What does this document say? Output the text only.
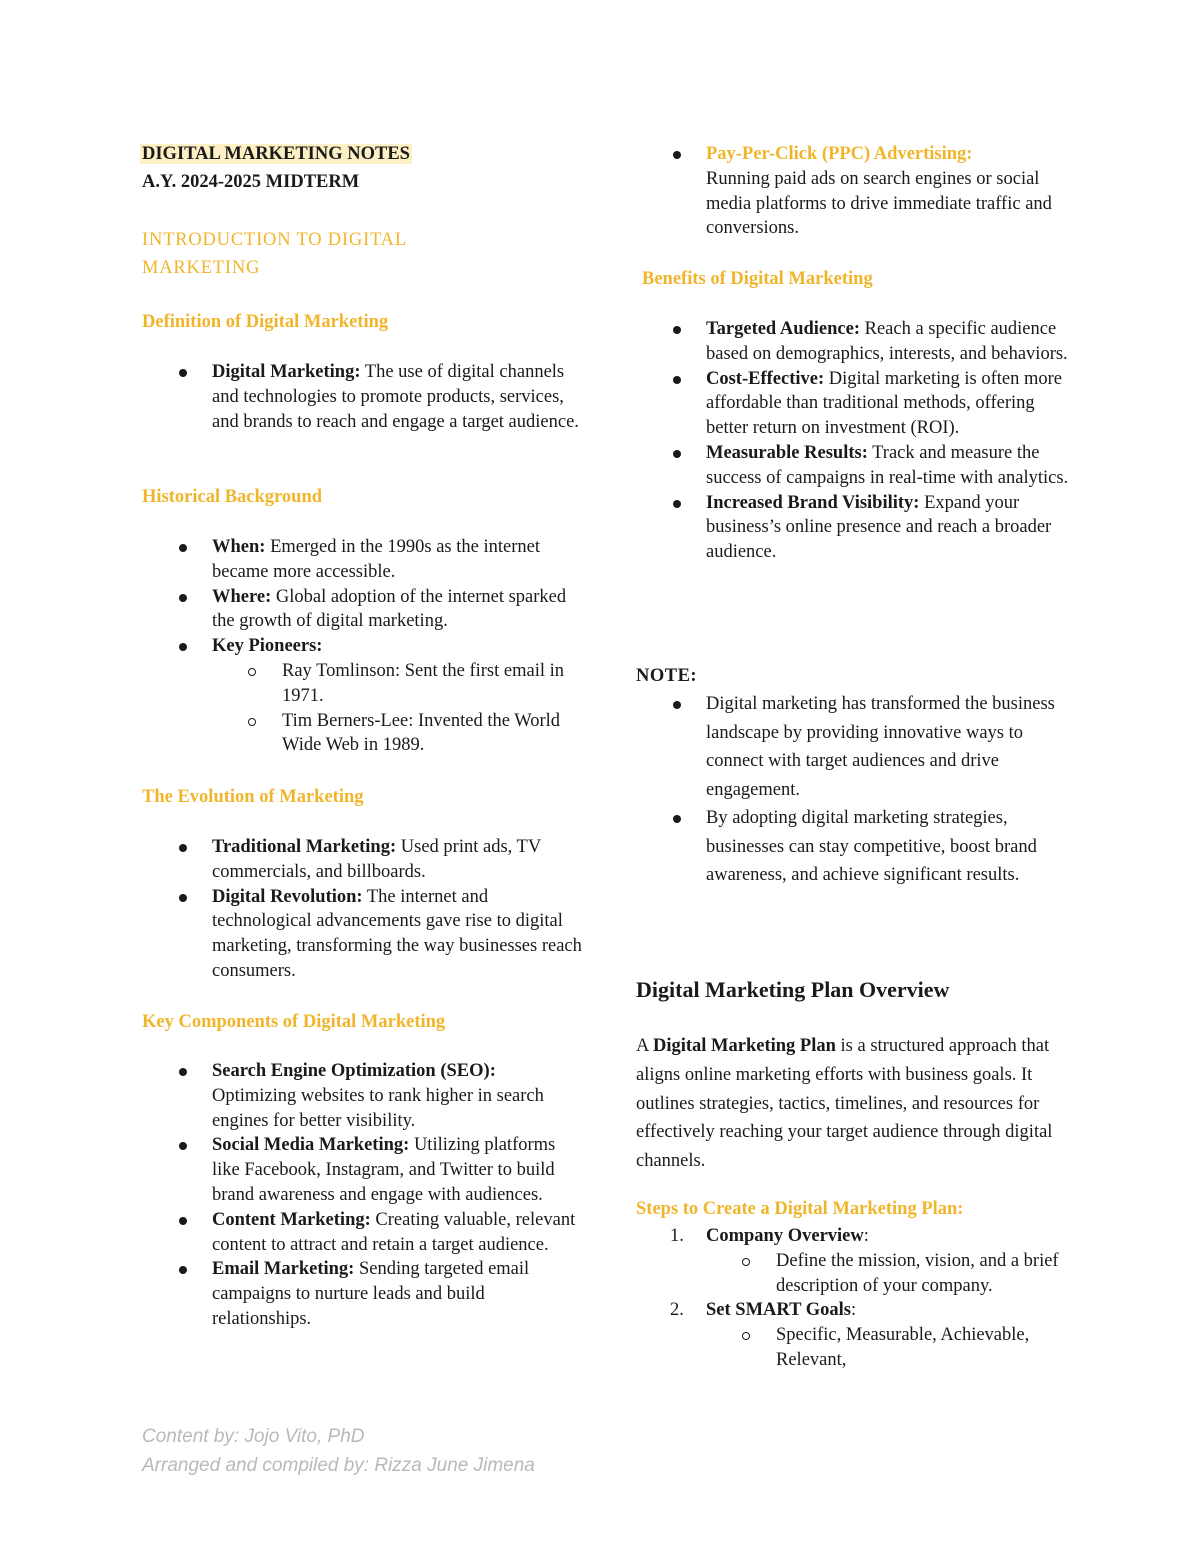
DIGITAL MARKETING NOTES
A.Y. 2024-2025 MIDTERM
INTRODUCTION TO DIGITAL
MARKETING
Definition of Digital Marketing
Digital Marketing: The use of digital channels and technologies to promote products, services, and brands to reach and engage a target audience.
Historical Background
When: Emerged in the 1990s as the internet became more accessible.
Where: Global adoption of the internet sparked the growth of digital marketing.
Key Pioneers:
Ray Tomlinson: Sent the first email in 1971.
Tim Berners-Lee: Invented the World Wide Web in 1989.
The Evolution of Marketing
Traditional Marketing: Used print ads, TV commercials, and billboards.
Digital Revolution: The internet and technological advancements gave rise to digital marketing, transforming the way businesses reach consumers.
Key Components of Digital Marketing
Search Engine Optimization (SEO): Optimizing websites to rank higher in search engines for better visibility.
Social Media Marketing: Utilizing platforms like Facebook, Instagram, and Twitter to build brand awareness and engage with audiences.
Content Marketing: Creating valuable, relevant content to attract and retain a target audience.
Email Marketing: Sending targeted email campaigns to nurture leads and build relationships.
Pay-Per-Click (PPC) Advertising:
Running paid ads on search engines or social media platforms to drive immediate traffic and conversions.
Benefits of Digital Marketing
Targeted Audience: Reach a specific audience based on demographics, interests, and behaviors.
Cost-Effective: Digital marketing is often more affordable than traditional methods, offering better return on investment (ROI).
Measurable Results: Track and measure the success of campaigns in real-time with analytics.
Increased Brand Visibility: Expand your business’s online presence and reach a broader audience.
NOTE:
Digital marketing has transformed the business landscape by providing innovative ways to connect with target audiences and drive engagement.
By adopting digital marketing strategies, businesses can stay competitive, boost brand awareness, and achieve significant results.
Digital Marketing Plan Overview
A Digital Marketing Plan is a structured approach that aligns online marketing efforts with business goals. It outlines strategies, tactics, timelines, and resources for effectively reaching your target audience through digital channels.
Steps to Create a Digital Marketing Plan:
1. Company Overview:
Define the mission, vision, and a brief description of your company.
2. Set SMART Goals:
Specific, Measurable, Achievable, Relevant,
Content by: Jojo Vito, PhD
Arranged and compiled by: Rizza June Jimena
